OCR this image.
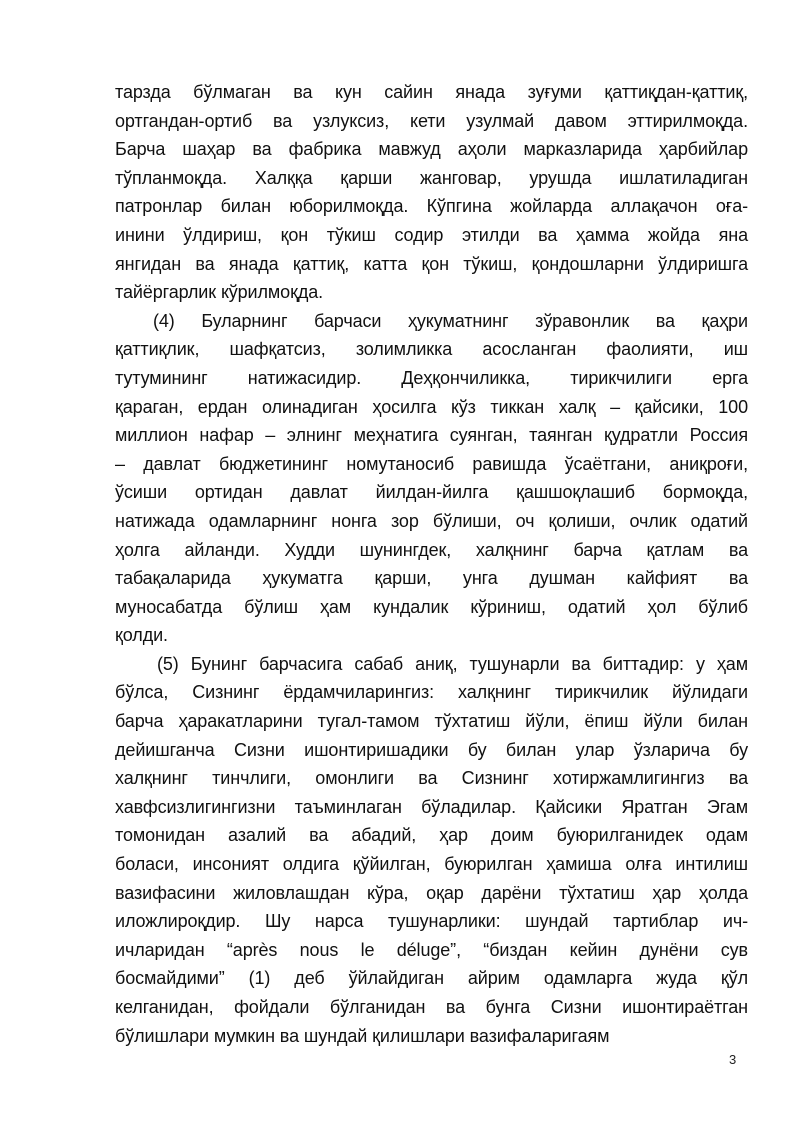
тарзда бўлмаган ва кун сайин янада зуғуми қаттиқдан-қаттиқ,
ортгандан-ортиб ва узлуксиз, кети узулмай давом эттирилмоқда.
Барча шаҳар ва фабрика мавжуд аҳоли марказларида ҳарбийлар
тўпланмоқда. Халққа қарши жанговар, урушда ишлатиладиган
патронлар билан юборилмоқда. Кўпгина жойларда аллақачон оға-
инини ўлдириш, қон тўкиш содир этилди ва ҳамма жойда яна
янгидан ва янада қаттиқ, катта қон тўкиш, қондошларни ўлдиришга
тайёргарлик кўрилмоқда.
(4) Буларнинг барчаси ҳукуматнинг зўравонлик ва қаҳри
қаттиқлик, шафқатсиз, золимликка асосланган фаолияти, иш
тутумининг натижасидир. Деҳқончиликка, тирикчилиги ерга
қараган, ердан олинадиган ҳосилга кўз тиккан халқ – қайсики, 100
миллион нафар – элнинг меҳнатига суянган, таянган қудратли Россия
– давлат бюджетининг номутаносиб равишда ўсаётгани, аниқроғи,
ўсиши ортидан давлат йилдан-йилга қашшоқлашиб бормоқда,
натижада одамларнинг нонга зор бўлиши, оч қолиши, очлик одатий
ҳолга айланди. Худди шунингдек, халқнинг барча қатлам ва
табақаларида ҳукуматга қарши, унга душман кайфият ва
муносабатда бўлиш ҳам кундалик кўриниш, одатий ҳол бўлиб
қолди.
(5) Бунинг барчасига сабаб аниқ, тушунарли ва биттадир: у ҳам
бўлса, Сизнинг ёрдамчиларингиз: халқнинг тирикчилик йўлидаги
барча ҳаракатларини тугал-тамом тўхтатиш йўли, ёпиш йўли билан
дейишганча Сизни ишонтиришадики бу билан улар ўзларича бу
халқнинг тинчлиги, омонлиги ва Сизнинг хотиржамлигингиз ва
хавфсизлигингизни таъминлаган бўладилар. Қайсики Яратган Эгам
томонидан азалий ва абадий, ҳар доим буюрилганидек одам
боласи, инсоният олдига қўйилган, буюрилган ҳамиша олға интилиш
вазифасини жиловлашдан кўра, оқар дарёни тўхтатиш ҳар ҳолда
иложлироқдир. Шу нарса тушунарлики: шундай тартиблар ич-
ичларидан “après nous le déluge”, “биздан кейин дунёни сув
босмайдими” (1) деб ўйлайдиган айрим одамларга жуда қўл
келганидан, фойдали бўлганидан ва бунга Сизни ишонтираётган
бўлишлари мумкин ва шундай қилишлари вазифаларигаям
3
